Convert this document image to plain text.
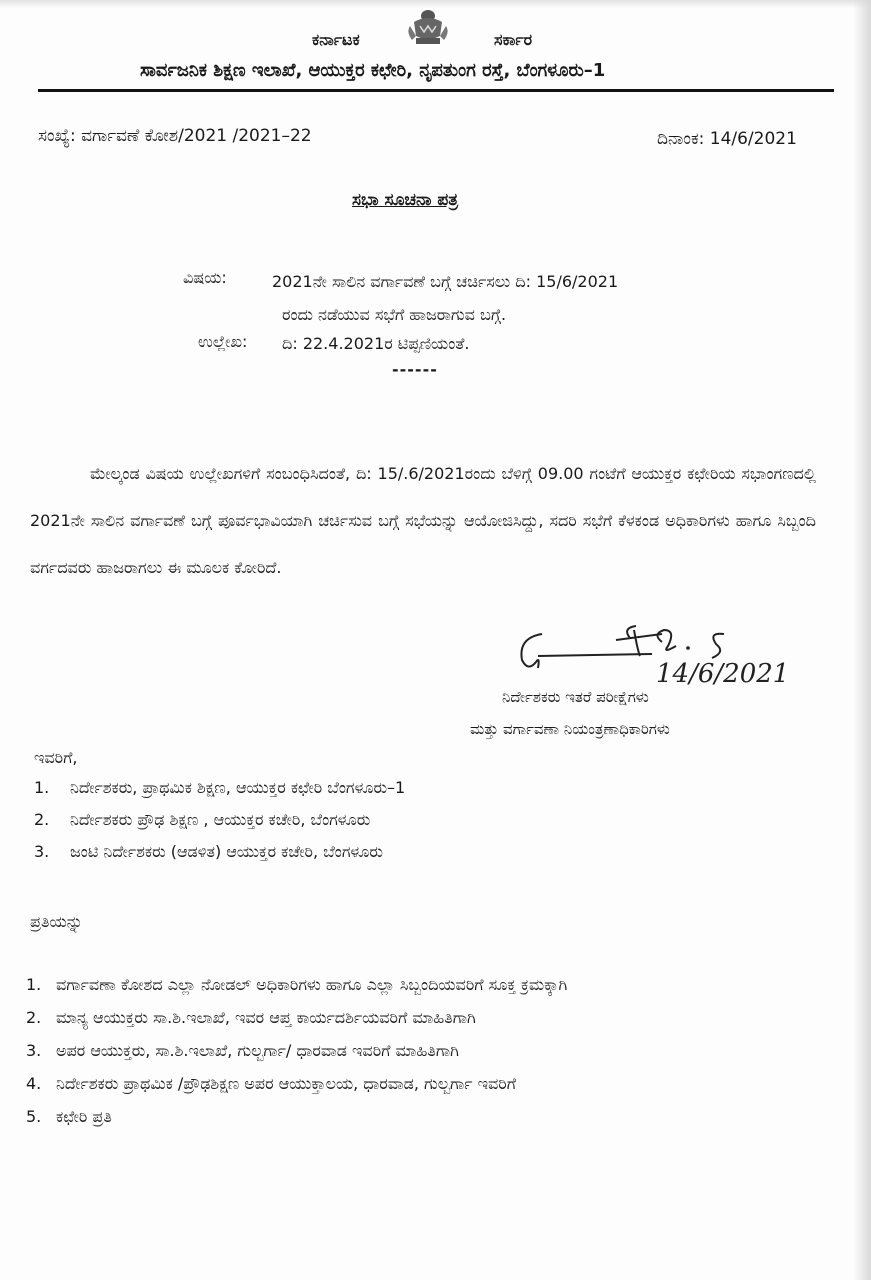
ಕರ್ನಾಟಕ	ಸರ್ಕಾರ
ಸಾರ್ವಜನಿಕ ಶಿಕ್ಷಣ ಇಲಾಖೆ, ಆಯುಕ್ತರ ಕಛೇರಿ, ನೃಪತುಂಗ ರಸ್ತೆ, ಬೆಂಗಳೂರು–1
ಸಂಖ್ಯೆ: ವರ್ಗಾವಣೆ ಕೋಶ/2021 /2021–22	ದಿನಾಂಕ: 14/6/2021
ಸಭಾ ಸೂಚನಾ ಪತ್ರ
ವಿಷಯ:	2021ನೇ ಸಾಲಿನ ವರ್ಗಾವಣೆ ಬಗ್ಗೆ ಚರ್ಚಿಸಲು ದಿ: 15/6/2021
ರಂದು ನಡೆಯುವ ಸಭೆಗೆ ಹಾಜರಾಗುವ ಬಗ್ಗೆ.
ಉಲ್ಲೇಖ: ದಿ: 22.4.2021ರ ಟಿಪ್ಪಣಿಯಂತೆ.
------

ಮೇಲ್ಕಂಡ ವಿಷಯ ಉಲ್ಲೇಖಗಳಿಗೆ ಸಂಬಂಧಿಸಿದಂತೆ, ದಿ: 15/.6/2021ರಂದು ಬೆಳಿಗ್ಗೆ 09.00 ಗಂಟೆಗೆ ಆಯುಕ್ತರ ಕಛೇರಿಯ ಸಭಾಂಗಣದಲ್ಲಿ 2021ನೇ ಸಾಲಿನ ವರ್ಗಾವಣೆ ಬಗ್ಗೆ ಪೂರ್ವಭಾವಿಯಾಗಿ ಚರ್ಚಿಸುವ ಬಗ್ಗೆ ಸಭೆಯನ್ನು ಆಯೋಜಿಸಿದ್ದು, ಸದರಿ ಸಭೆಗೆ ಕೆಳಕಂಡ ಅಧಿಕಾರಿಗಳು ಹಾಗೂ ಸಿಬ್ಬಂದಿ ವರ್ಗದವರು ಹಾಜರಾಗಲು ಈ ಮೂಲಕ ಕೋರಿದೆ.

14/6/2021
ನಿರ್ದೇಶಕರು ಇತರೆ ಪರೀಕ್ಷೆಗಳು
ಮತ್ತು ವರ್ಗಾವಣಾ ನಿಯಂತ್ರಣಾಧಿಕಾರಿಗಳು
ಇವರಿಗೆ,
1.	ನಿರ್ದೇಶಕರು, ಪ್ರಾಥಮಿಕ ಶಿಕ್ಷಣ, ಆಯುಕ್ತರ ಕಛೇರಿ ಬೆಂಗಳೂರು–1
2.	ನಿರ್ದೇಶಕರು ಪ್ರೌಢ ಶಿಕ್ಷಣ , ಆಯುಕ್ತರ ಕಚೇರಿ, ಬೆಂಗಳೂರು
3.	ಜಂಟಿ ನಿರ್ದೇಶಕರು (ಆಡಳಿತ) ಆಯುಕ್ತರ ಕಚೇರಿ, ಬೆಂಗಳೂರು
ಪ್ರತಿಯನ್ನು
1. ವರ್ಗಾವಣಾ ಕೋಶದ ಎಲ್ಲಾ ನೋಡಲ್ ಅಧಿಕಾರಿಗಳು ಹಾಗೂ ಎಲ್ಲಾ ಸಿಬ್ಬಂದಿಯವರಿಗೆ ಸೂಕ್ತ ಕ್ರಮಕ್ಕಾಗಿ
2. ಮಾನ್ಯ ಆಯುಕ್ತರು ಸಾ.ಶಿ.ಇಲಾಖೆ, ಇವರ ಆಪ್ತ ಕಾರ್ಯದರ್ಶಿಯವರಿಗೆ ಮಾಹಿತಿಗಾಗಿ
3. ಅಪರ ಆಯುಕ್ತರು, ಸಾ.ಶಿ.ಇಲಾಖೆ, ಗುಲ್ಬರ್ಗಾ/ ಧಾರವಾಡ ಇವರಿಗೆ ಮಾಹಿತಿಗಾಗಿ
4. ನಿರ್ದೇಶಕರು ಪ್ರಾಥಮಿಕ /ಪ್ರೌಢಶಿಕ್ಷಣ ಅಪರ ಆಯುಕ್ತಾಲಯ, ಧಾರವಾಡ, ಗುಲ್ಬರ್ಗಾ ಇವರಿಗೆ
5. ಕಛೇರಿ ಪ್ರತಿ
